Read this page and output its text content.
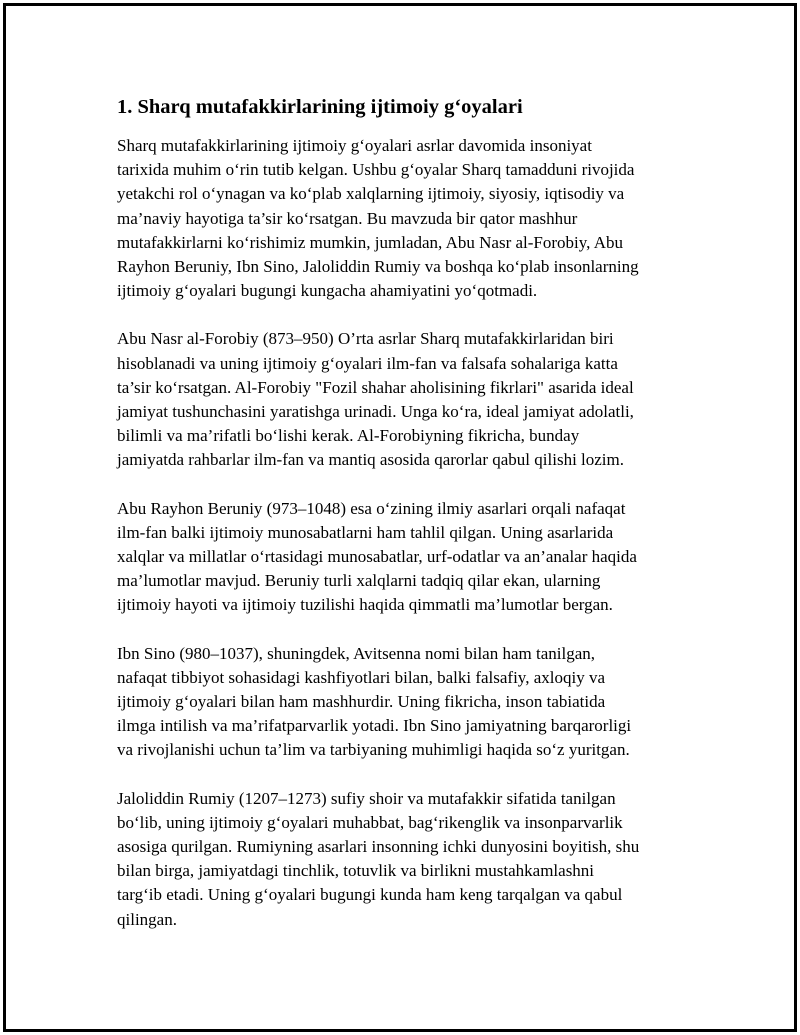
1. Sharq mutafakkirlarining ijtimoiy g‘oyalari

Sharq mutafakkirlarining ijtimoiy g‘oyalari asrlar davomida insoniyat
tarixida muhim o‘rin tutib kelgan. Ushbu g‘oyalar Sharq tamadduni rivojida
yetakchi rol o‘ynagan va ko‘plab xalqlarning ijtimoiy, siyosiy, iqtisodiy va
ma’naviy hayotiga ta’sir ko‘rsatgan. Bu mavzuda bir qator mashhur
mutafakkirlarni ko‘rishimiz mumkin, jumladan, Abu Nasr al-Forobiy, Abu
Rayhon Beruniy, Ibn Sino, Jaloliddin Rumiy va boshqa ko‘plab insonlarning
ijtimoiy g‘oyalari bugungi kungacha ahamiyatini yo‘qotmadi.

Abu Nasr al-Forobiy (873–950) O’rta asrlar Sharq mutafakkirlaridan biri
hisoblanadi va uning ijtimoiy g‘oyalari ilm-fan va falsafa sohalariga katta
ta’sir ko‘rsatgan. Al-Forobiy "Fozil shahar aholisining fikrlari" asarida ideal
jamiyat tushunchasini yaratishga urinadi. Unga ko‘ra, ideal jamiyat adolatli,
bilimli va ma’rifatli bo‘lishi kerak. Al-Forobiyning fikricha, bunday
jamiyatda rahbarlar ilm-fan va mantiq asosida qarorlar qabul qilishi lozim.

Abu Rayhon Beruniy (973–1048) esa o‘zining ilmiy asarlari orqali nafaqat
ilm-fan balki ijtimoiy munosabatlarni ham tahlil qilgan. Uning asarlarida
xalqlar va millatlar o‘rtasidagi munosabatlar, urf-odatlar va an’analar haqida
ma’lumotlar mavjud. Beruniy turli xalqlarni tadqiq qilar ekan, ularning
ijtimoiy hayoti va ijtimoiy tuzilishi haqida qimmatli ma’lumotlar bergan.

Ibn Sino (980–1037), shuningdek, Avitsenna nomi bilan ham tanilgan,
nafaqat tibbiyot sohasidagi kashfiyotlari bilan, balki falsafiy, axloqiy va
ijtimoiy g‘oyalari bilan ham mashhurdir. Uning fikricha, inson tabiatida
ilmga intilish va ma’rifatparvarlik yotadi. Ibn Sino jamiyatning barqarorligi
va rivojlanishi uchun ta’lim va tarbiyaning muhimligi haqida so‘z yuritgan.

Jaloliddin Rumiy (1207–1273) sufiy shoir va mutafakkir sifatida tanilgan
bo‘lib, uning ijtimoiy g‘oyalari muhabbat, bag‘rikenglik va insonparvarlik
asosiga qurilgan. Rumiyning asarlari insonning ichki dunyosini boyitish, shu
bilan birga, jamiyatdagi tinchlik, totuvlik va birlikni mustahkamlashni
targ‘ib etadi. Uning g‘oyalari bugungi kunda ham keng tarqalgan va qabul
qilingan.
